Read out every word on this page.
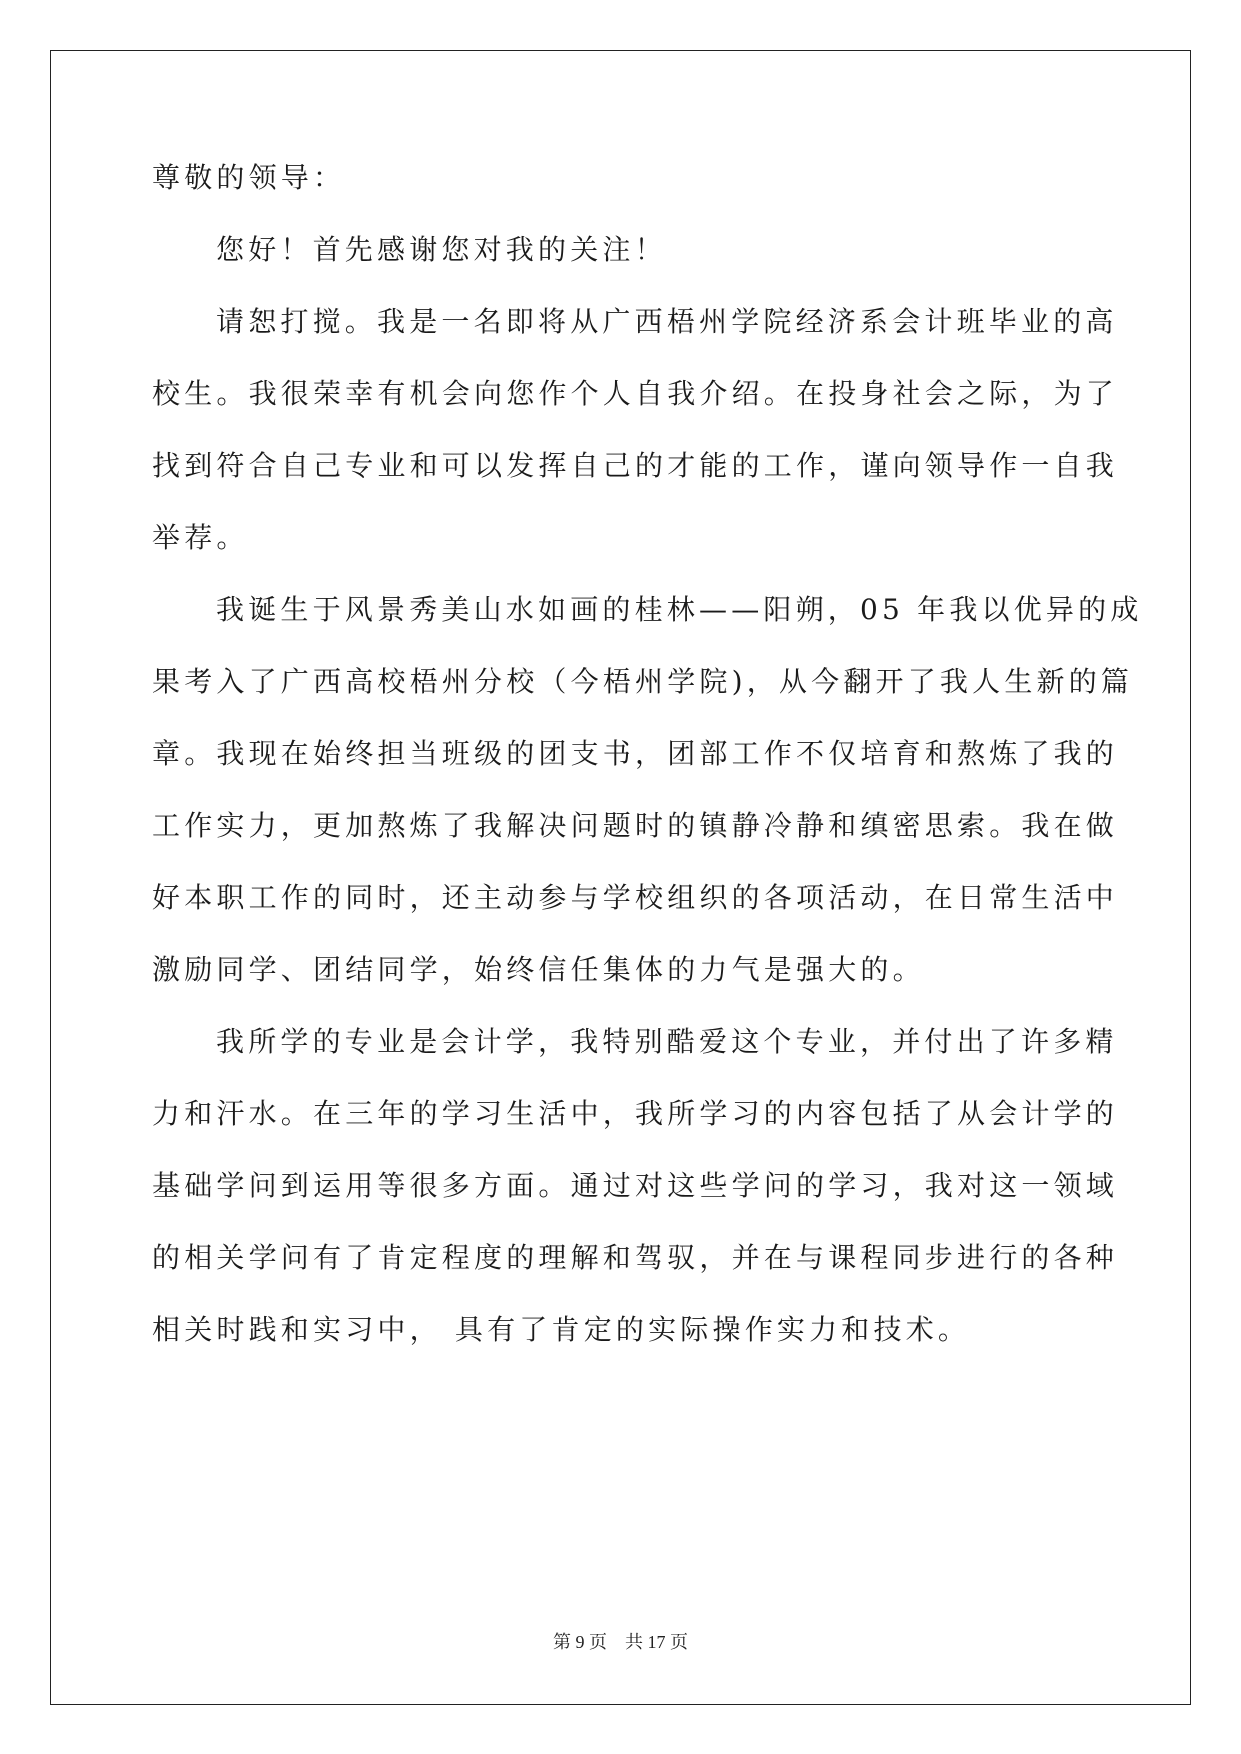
尊敬的领导：
您好！首先感谢您对我的关注！
请恕打搅。我是一名即将从广西梧州学院经济系会计班毕业的高
校生。我很荣幸有机会向您作个人自我介绍。在投身社会之际，为了
找到符合自己专业和可以发挥自己的才能的工作，谨向领导作一自我
举荐。
我诞生于风景秀美山水如画的桂林——阳朔，05 年我以优异的成
果考入了广西高校梧州分校（今梧州学院)，从今翻开了我人生新的篇
章。我现在始终担当班级的团支书，团部工作不仅培育和熬炼了我的
工作实力，更加熬炼了我解决问题时的镇静冷静和缜密思索。我在做
好本职工作的同时，还主动参与学校组织的各项活动，在日常生活中
激励同学、团结同学，始终信任集体的力气是强大的。
我所学的专业是会计学，我特别酷爱这个专业，并付出了许多精
力和汗水。在三年的学习生活中，我所学习的内容包括了从会计学的
基础学问到运用等很多方面。通过对这些学问的学习，我对这一领域
的相关学问有了肯定程度的理解和驾驭，并在与课程同步进行的各种
相关时践和实习中， 具有了肯定的实际操作实力和技术。
第 9 页　共 17 页
